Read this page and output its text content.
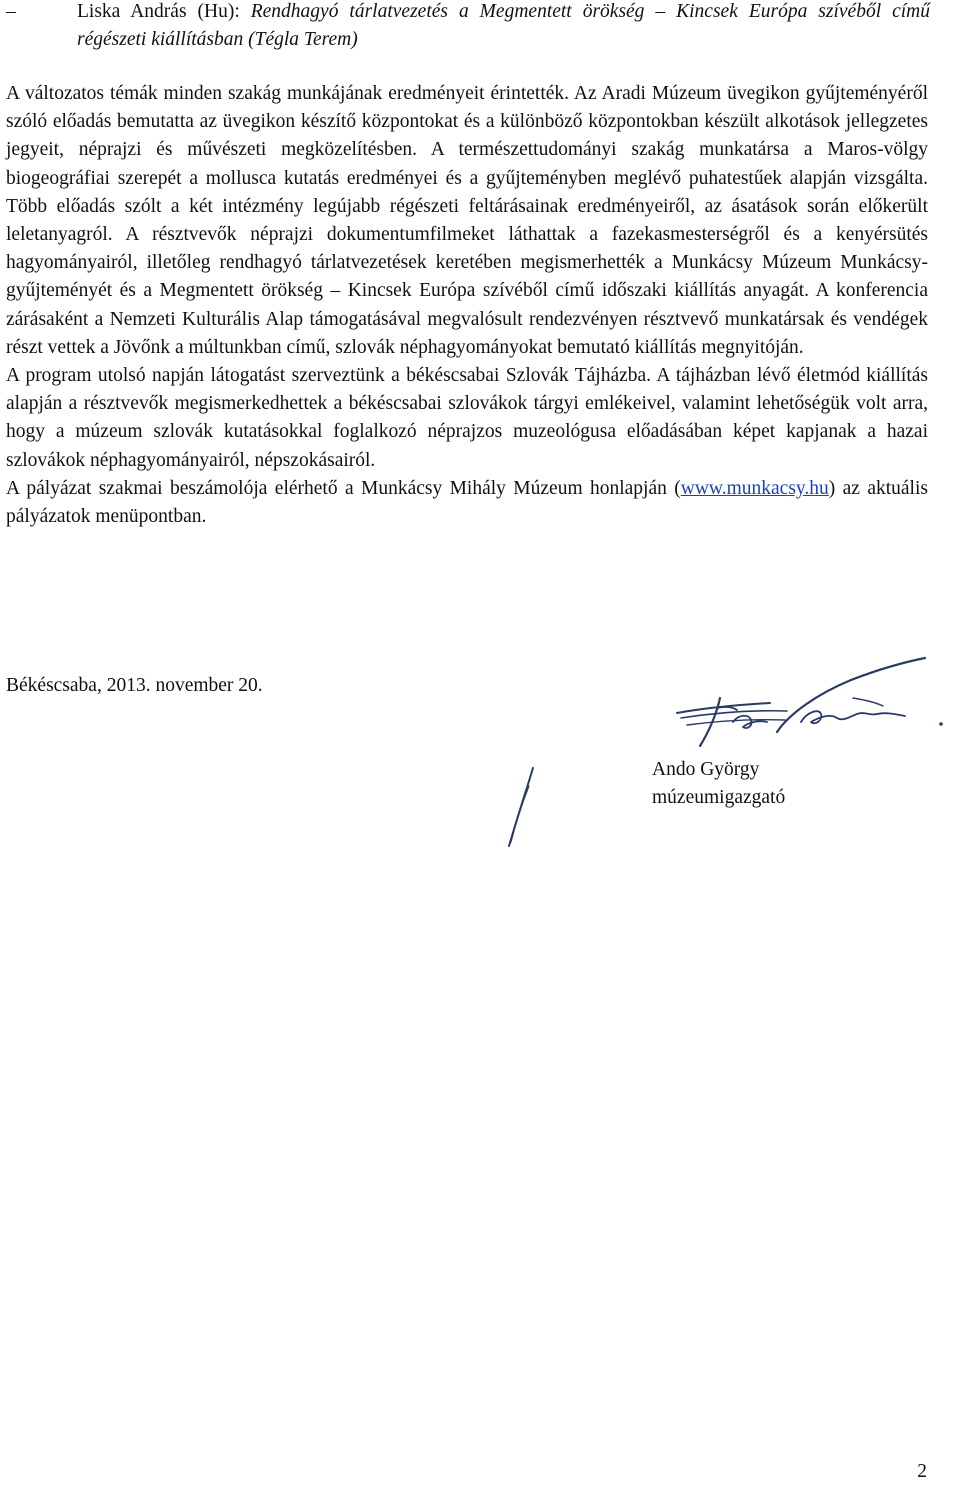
–	Liska András (Hu): Rendhagyó tárlatvezetés a Megmentett örökség – Kincsek Európa szívéből című régészeti kiállításban (Tégla Terem)

A változatos témák minden szakág munkájának eredményeit érintették. Az Aradi Múzeum üvegikon gyűjteményéről szóló előadás bemutatta az üvegikon készítő központokat és a különböző központokban készült alkotások jellegzetes jegyeit, néprajzi és művészeti megközelítésben. A természettudományi szakág munkatársa a Maros-völgy biogeográfiai szerepét a mollusca kutatás eredményei és a gyűjteményben meglévő puhatestűek alapján vizsgálta. Több előadás szólt a két intézmény legújabb régészeti feltárásainak eredményeiről, az ásatások során előkerült leletanyagról. A résztvevők néprajzi dokumentumfilmeket láthattak a fazekasmesterségről és a kenyérsütés hagyományairól, illetőleg rendhagyó tárlatvezetések keretében megismerhették a Munkácsy Múzeum Munkácsy-gyűjteményét és a Megmentett örökség – Kincsek Európa szívéből című időszaki kiállítás anyagát. A konferencia zárásaként a Nemzeti Kulturális Alap támogatásával megvalósult rendezvényen résztvevő munkatársak és vendégek részt vettek a Jövőnk a múltunkban című, szlovák néphagyományokat bemutató kiállítás megnyitóján.

A program utolsó napján látogatást szerveztünk a békéscsabai Szlovák Tájházba. A tájházban lévő életmód kiállítás alapján a résztvevők megismerkedhettek a békéscsabai szlovákok tárgyi emlékeivel, valamint lehetőségük volt arra, hogy a múzeum szlovák kutatásokkal foglalkozó néprajzos muzeológusa előadásában képet kapjanak a hazai szlovákok néphagyományairól, népszokásairól.

A pályázat szakmai beszámolója elérhető a Munkácsy Mihály Múzeum honlapján (www.munkacsy.hu) az aktuális pályázatok menüpontban.

Békéscsaba, 2013. november 20.
Ando György
múzeumigazgató
2
